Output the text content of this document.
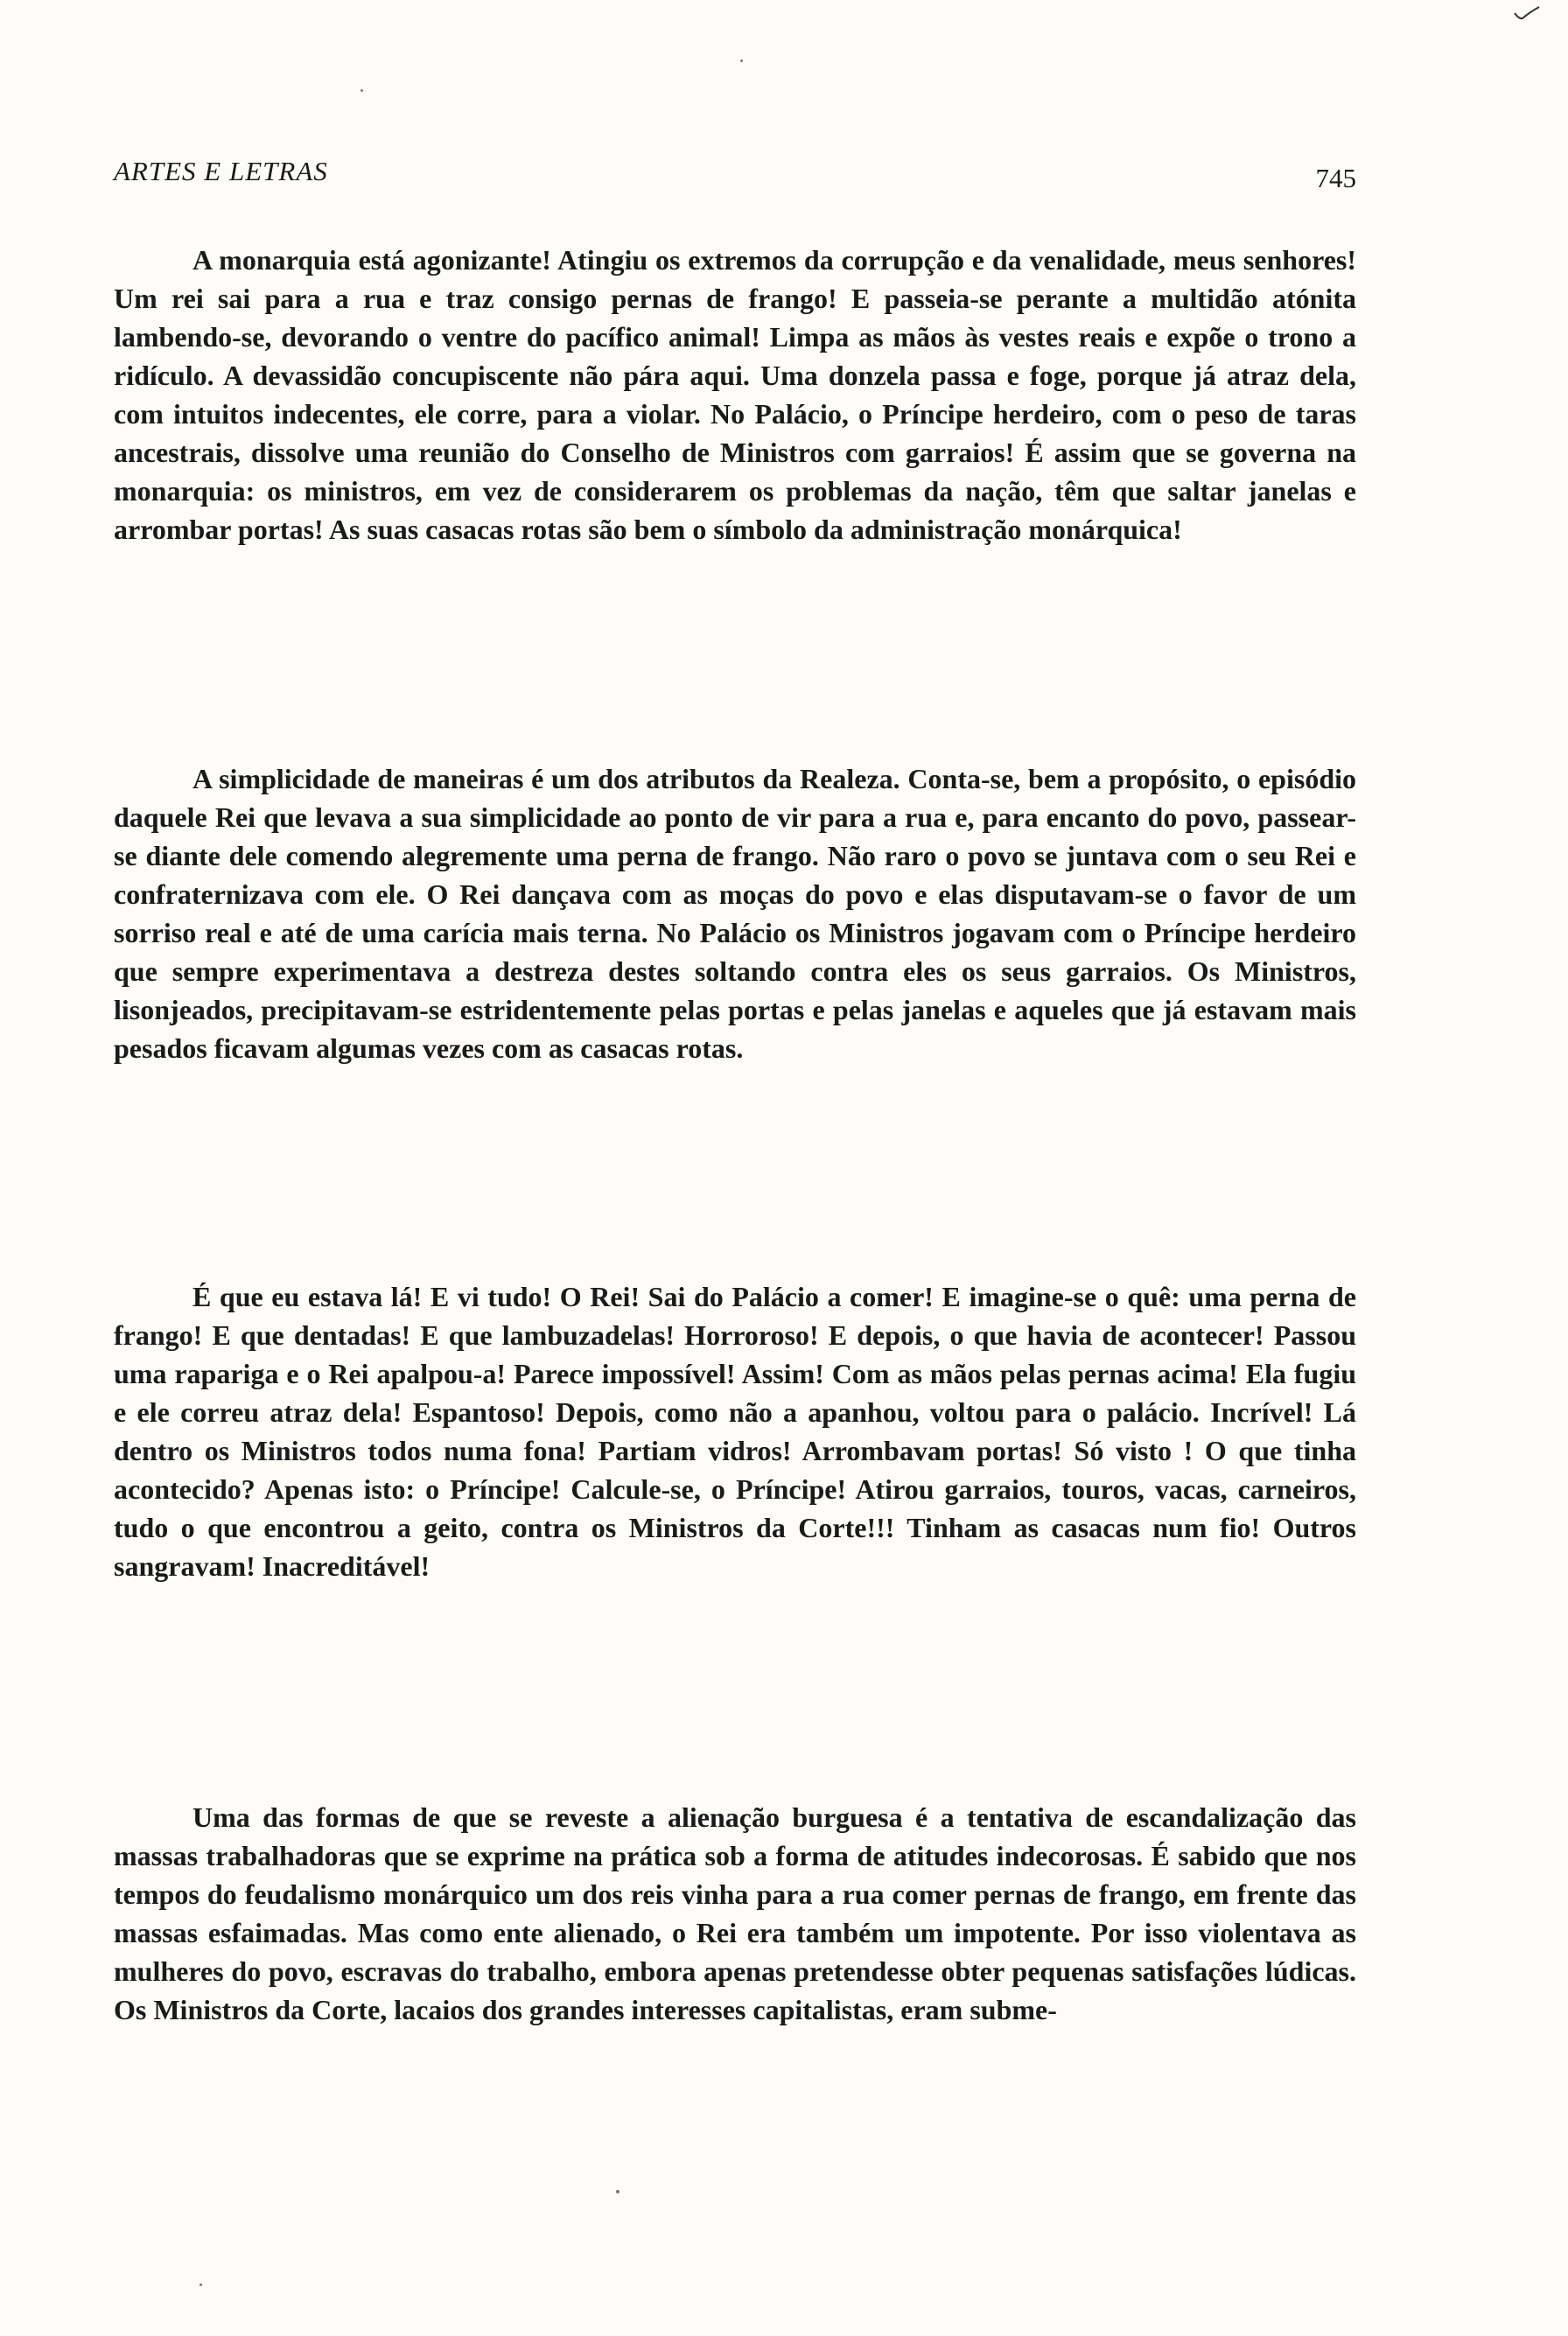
ARTES E LETRAS	745

A monarquia está agonizante! Atingiu os extremos da corrupção e da venalidade, meus senhores! Um rei sai para a rua e traz consigo pernas de frango! E passeia-se perante a multidão atónita lambendo-se, devorando o ventre do pacífico animal! Limpa as mãos às vestes reais e expõe o trono a ridículo. A devassidão concupiscente não pára aqui. Uma donzela passa e foge, porque já atraz dela, com intuitos indecentes, ele corre, para a violar. No Palácio, o Príncipe herdeiro, com o peso de taras ancestrais, dissolve uma reunião do Conselho de Ministros com garraios! É assim que se governa na monarquia: os ministros, em vez de considerarem os problemas da nação, têm que saltar janelas e arrombar portas! As suas casacas rotas são bem o símbolo da administração monárquica!

A simplicidade de maneiras é um dos atributos da Realeza. Conta-se, bem a propósito, o episódio daquele Rei que levava a sua simplicidade ao ponto de vir para a rua e, para encanto do povo, passear-se diante dele comendo alegremente uma perna de frango. Não raro o povo se juntava com o seu Rei e confraternizava com ele. O Rei dançava com as moças do povo e elas disputavam-se o favor de um sorriso real e até de uma carícia mais terna. No Palácio os Ministros jogavam com o Príncipe herdeiro que sempre experimentava a destreza destes soltando contra eles os seus garraios. Os Ministros, lisonjeados, precipitavam-se estridentemente pelas portas e pelas janelas e aqueles que já estavam mais pesados ficavam algumas vezes com as casacas rotas.

É que eu estava lá! E vi tudo! O Rei! Sai do Palácio a comer! E imagine-se o quê: uma perna de frango! E que dentadas! E que lambuzadelas! Horroroso! E depois, o que havia de acontecer! Passou uma rapariga e o Rei apalpou-a! Parece impossível! Assim! Com as mãos pelas pernas acima! Ela fugiu e ele correu atraz dela! Espantoso! Depois, como não a apanhou, voltou para o palácio. Incrível! Lá dentro os Ministros todos numa fona! Partiam vidros! Arrombavam portas! Só visto ! O que tinha acontecido? Apenas isto: o Príncipe! Calcule-se, o Príncipe! Atirou garraios, touros, vacas, carneiros, tudo o que encontrou a geito, contra os Ministros da Corte!!! Tinham as casacas num fio! Outros sangravam! Inacreditável!

Uma das formas de que se reveste a alienação burguesa é a tentativa de escandalização das massas trabalhadoras que se exprime na prática sob a forma de atitudes indecorosas. É sabido que nos tempos do feudalismo monárquico um dos reis vinha para a rua comer pernas de frango, em frente das massas esfaimadas. Mas como ente alienado, o Rei era também um impotente. Por isso violentava as mulheres do povo, escravas do trabalho, embora apenas pretendesse obter pequenas satisfações lúdicas. Os Ministros da Corte, lacaios dos grandes interesses capitalistas, eram subme-
